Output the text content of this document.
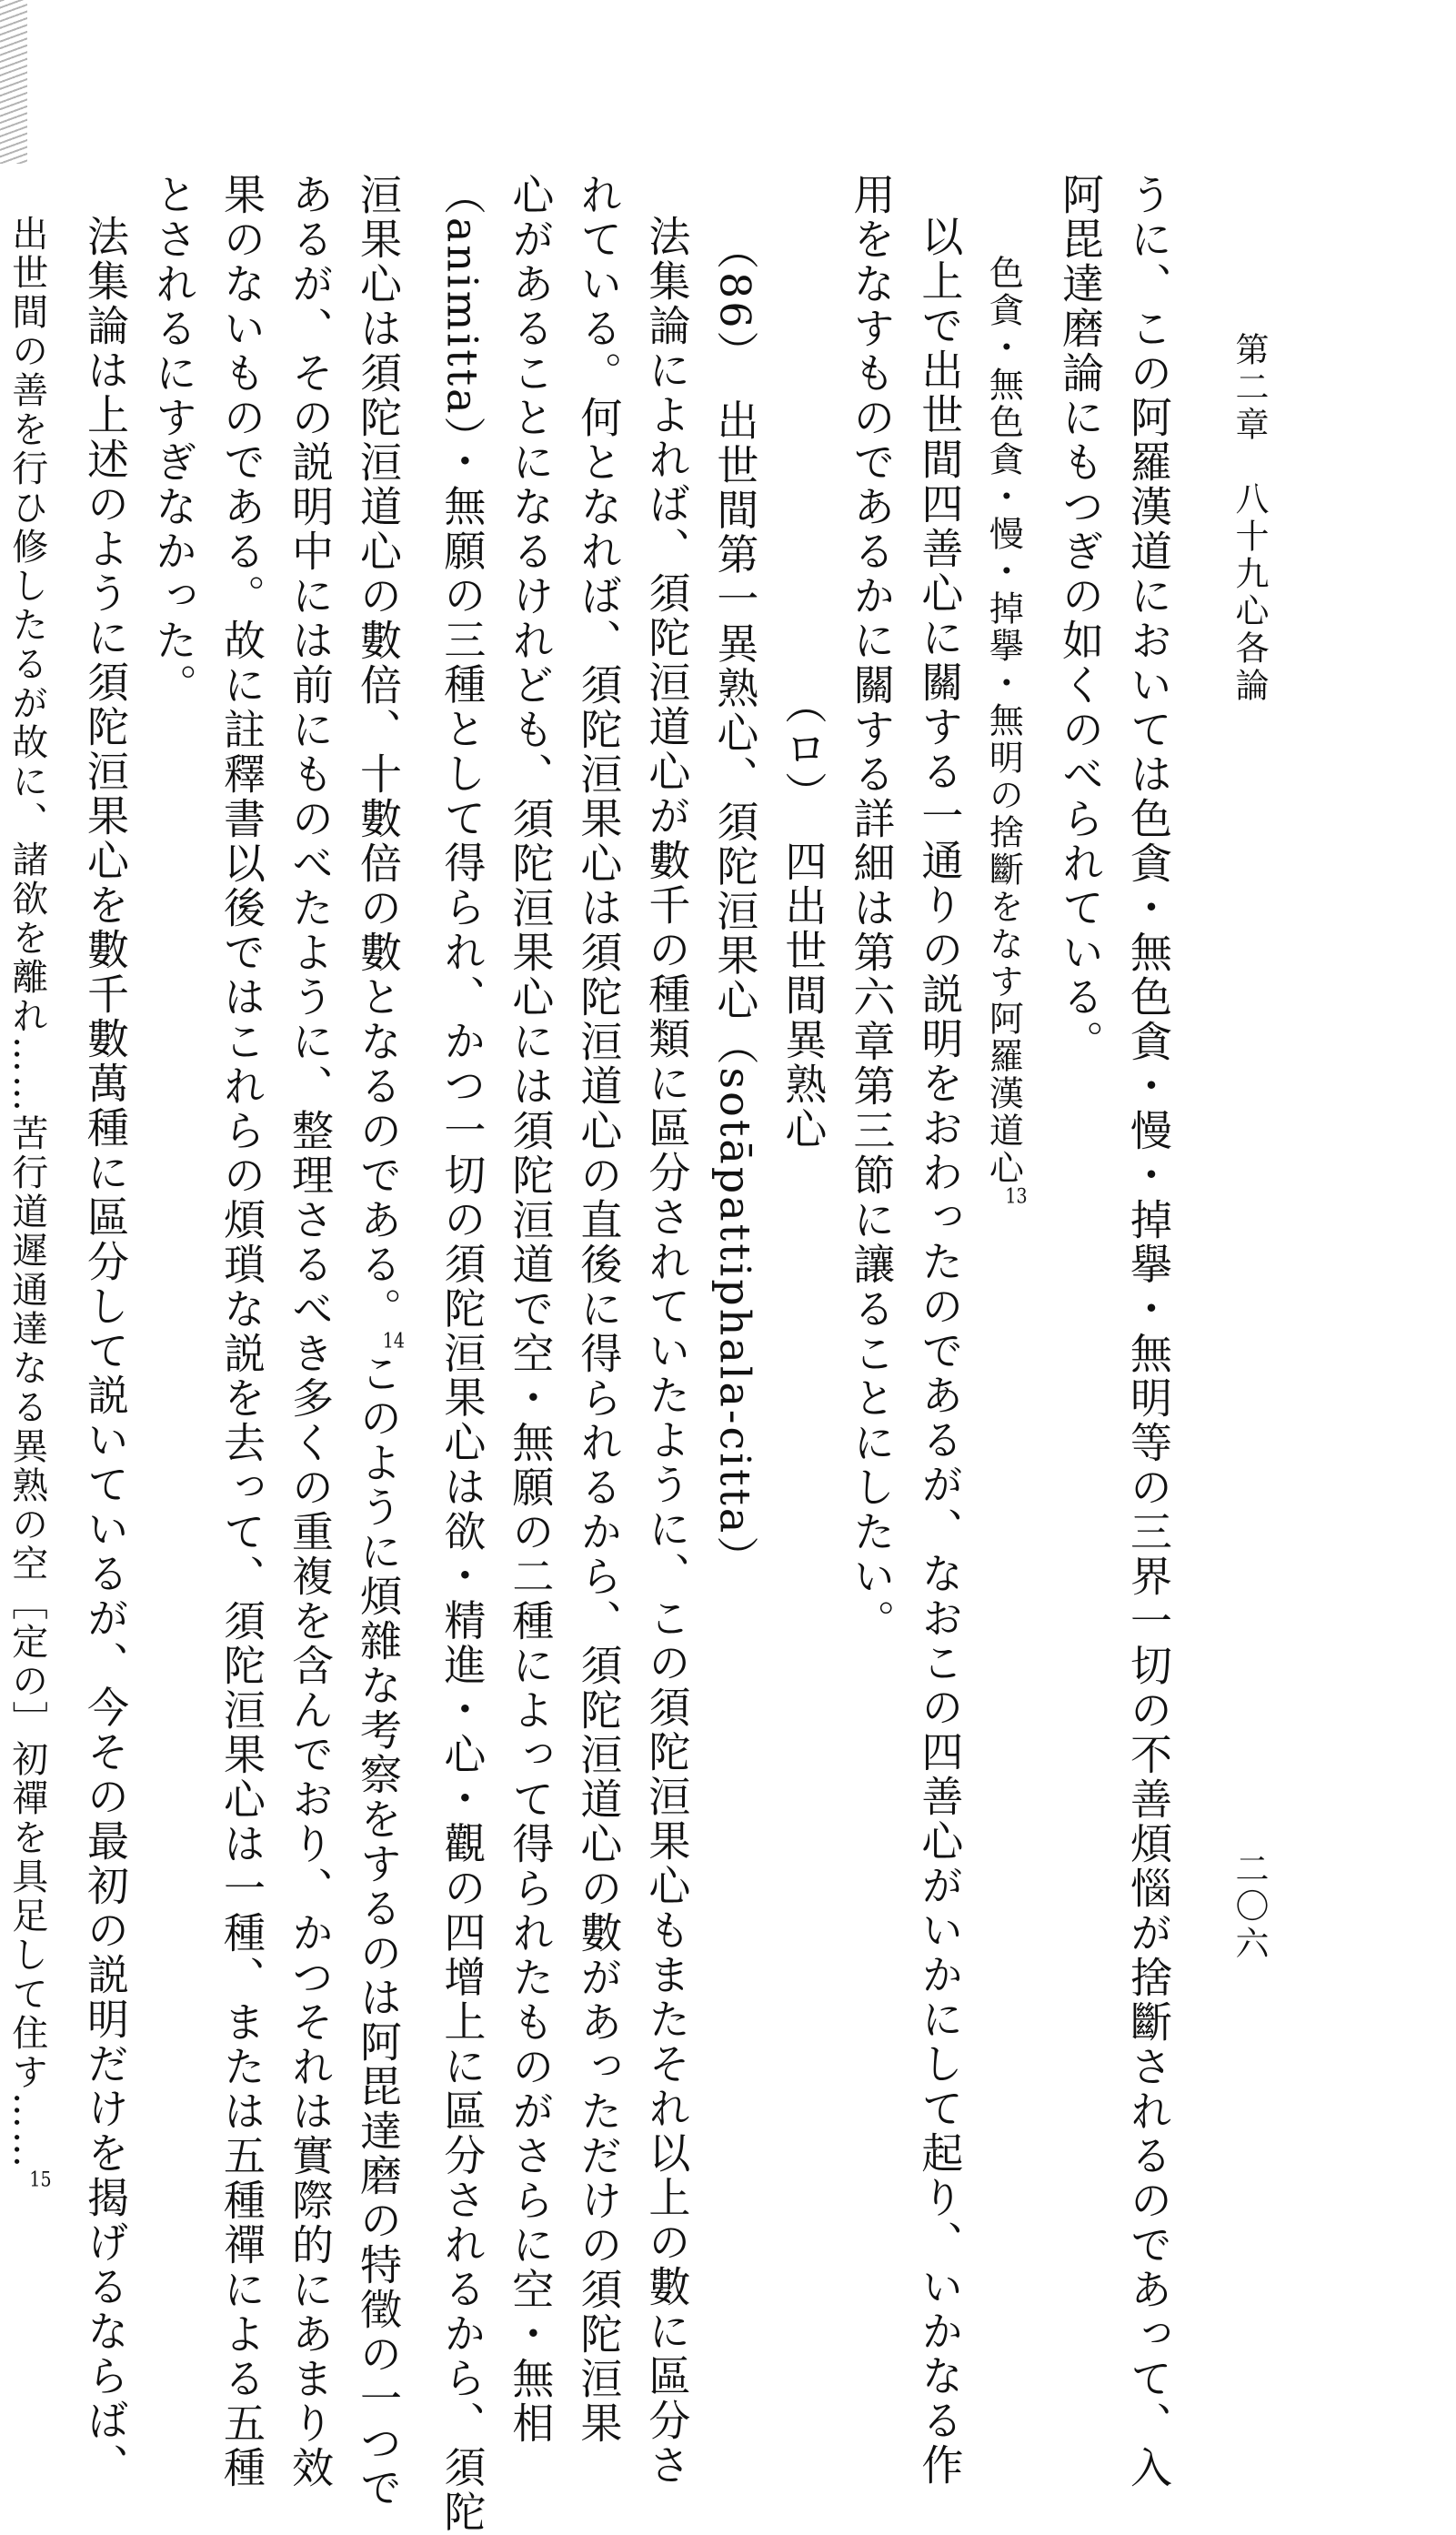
第二章　八十九心各論
二〇六
うに、この阿羅漢道においては色貪・無色貪・慢・掉擧・無明等の三界一切の不善煩惱が捨斷されるのであって、入
阿毘達磨論にもつぎの如くのべられている。
色貪・無色貪・慢・掉擧・無明の捨斷をなす阿羅漢道心$^{13}$
以上で出世間四善心に關する一通りの説明をおわったのであるが、なおこの四善心がいかにして起り、いかなる作
用をなすものであるかに關する詳細は第六章第三節に讓ることにしたい。
（ロ）　四出世間異熟心
（86）　出世間第一異熟心、須陀洹果心（sotāpattiphala-citta）
法集論によれば、須陀洹道心が數千の種類に區分されていたように、この須陀洹果心もまたそれ以上の數に區分さ
れている。何となれば、須陀洹果心は須陀洹道心の直後に得られるから、須陀洹道心の數があっただけの須陀洹果
心があることになるけれども、須陀洹果心には須陀洹道で空・無願の二種によって得られたものがさらに空・無相
（animitta）・無願の三種として得られ、かつ一切の須陀洹果心は欲・精進・心・觀の四增上に區分されるから、須陀
洹果心は須陀洹道心の數倍、十數倍の數となるのである。$^{14}$このように煩雜な考察をするのは阿毘達磨の特徵の一つで
あるが、その説明中には前にものべたように、整理さるべき多くの重複を含んでおり、かつそれは實際的にあまり效
果のないものである。故に註釋書以後ではこれらの煩瑣な説を去って、須陀洹果心は一種、または五種禪による五種
とされるにすぎなかった。
法集論は上述のように須陀洹果心を數千數萬種に區分して説いているが、今その最初の説明だけを揭げるならば、
出世間の善を行ひ修したるが故に、諸欲を離れ……苦行道遲通達なる異熟の空［定の］初禪を具足して住す……$^{15}$
